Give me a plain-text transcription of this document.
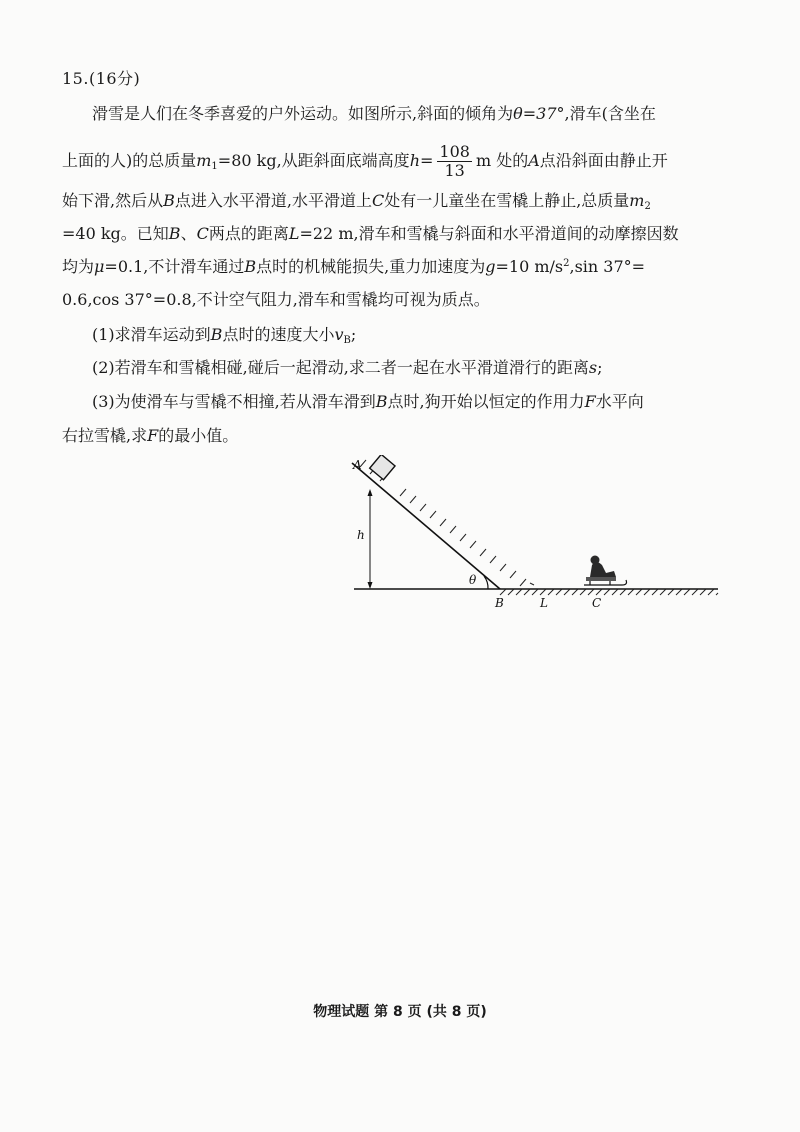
15.(16分)
滑雪是人们在冬季喜爱的户外运动。如图所示,斜面的倾角为θ=37°,滑车(含坐在
上面的人)的总质量$m_1=80$ kg,从距斜面底端高度$h= \frac{108}{13}$ m 处的A点沿斜面由静止开
始下滑,然后从B点进入水平滑道,水平滑道上C处有一儿童坐在雪橇上静止,总质量$m_2$
=40 kg。已知B、C两点的距离L=22 m,滑车和雪橇与斜面和水平滑道间的动摩擦因数
均为μ=0.1,不计滑车通过B点时的机械能损失,重力加速度为g=10 $m/s^2,\sin$ 37°=
0.6,cos 37°=0.8,不计空气阻力,滑车和雪橇均可视为质点。
(1)求滑车运动到B点时的速度大小$v_B$;
(2)若滑车和雪橇相碰,碰后一起滑动,求二者一起在水平滑道滑行的距离s;
(3)为使滑车与雪橇不相撞,若从滑车滑到B点时,狗开始以恒定的作用力F水平向
右拉雪橇,求F的最小值。
A
h
θ
B	L	C
物理试题 第 8 页 (共 8 页)
